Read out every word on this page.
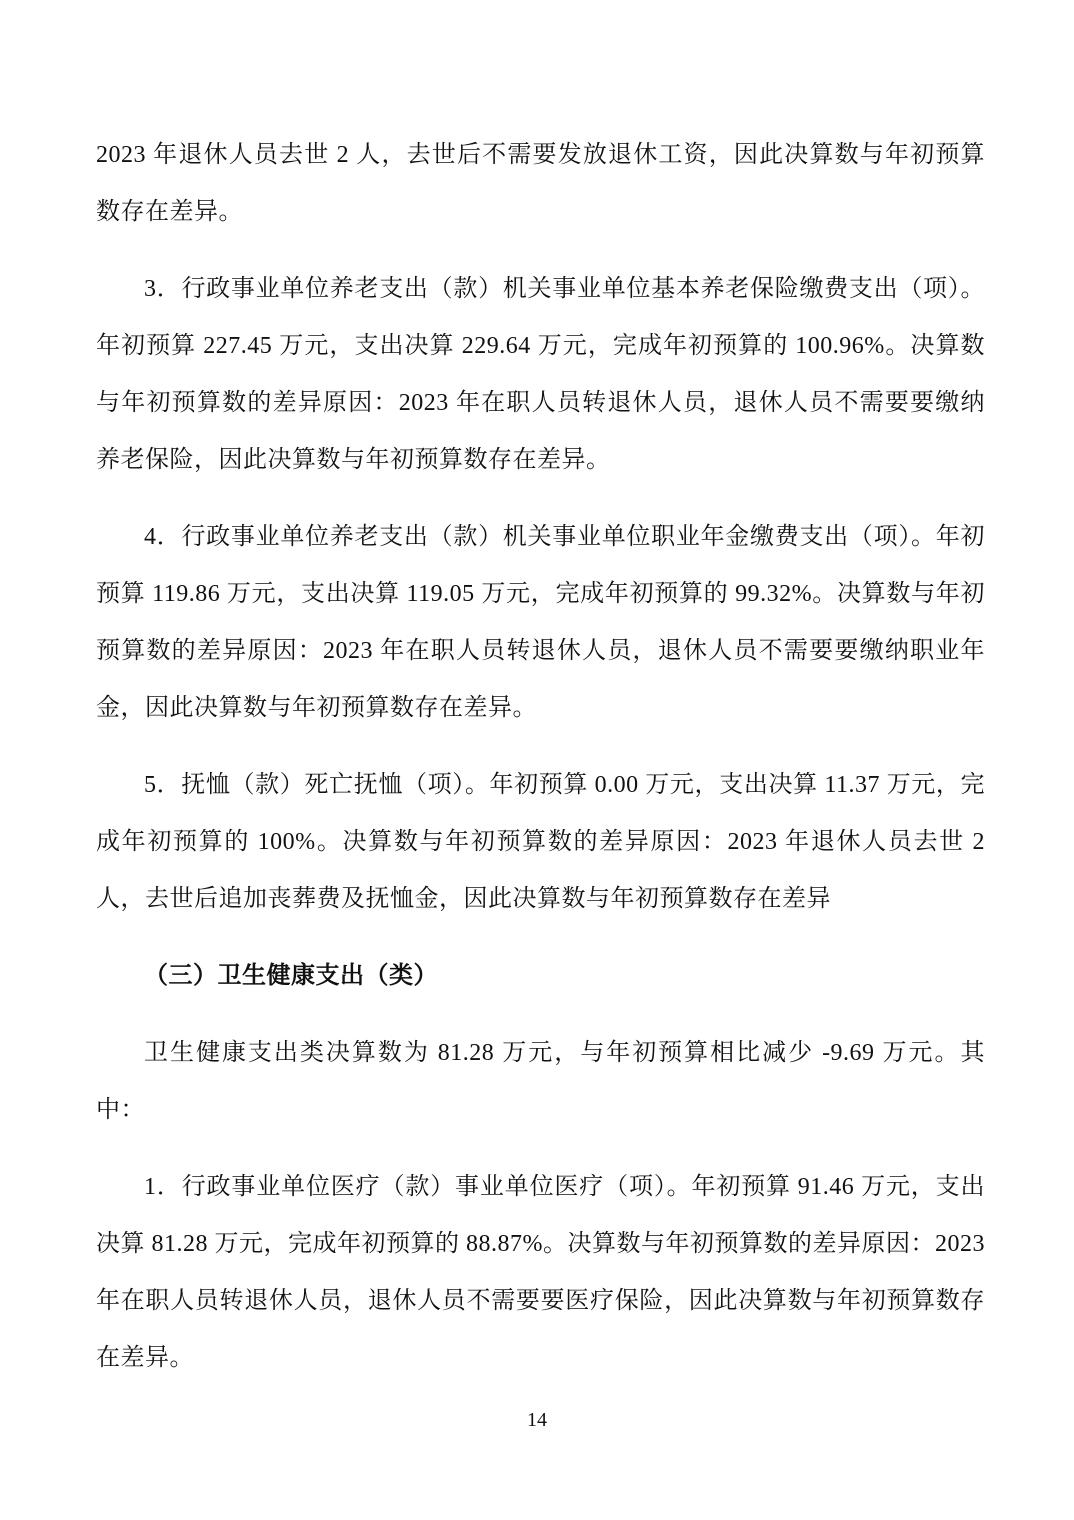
2023 年退休人员去世 2 人，去世后不需要发放退休工资，因此决算数与年初预算数存在差异。

3．行政事业单位养老支出（款）机关事业单位基本养老保险缴费支出（项）。年初预算 227.45 万元，支出决算 229.64 万元，完成年初预算的 100.96%。决算数与年初预算数的差异原因：2023 年在职人员转退休人员，退休人员不需要要缴纳养老保险，因此决算数与年初预算数存在差异。

4．行政事业单位养老支出（款）机关事业单位职业年金缴费支出（项）。年初预算 119.86 万元，支出决算 119.05 万元，完成年初预算的 99.32%。决算数与年初预算数的差异原因：2023 年在职人员转退休人员，退休人员不需要要缴纳职业年金，因此决算数与年初预算数存在差异。

5．抚恤（款）死亡抚恤（项）。年初预算 0.00 万元，支出决算 11.37 万元，完成年初预算的 100%。决算数与年初预算数的差异原因：2023 年退休人员去世 2 人，去世后追加丧葬费及抚恤金，因此决算数与年初预算数存在差异

（三）卫生健康支出（类）

卫生健康支出类决算数为 81.28 万元，与年初预算相比减少 -9.69 万元。其中：

1．行政事业单位医疗（款）事业单位医疗（项）。年初预算 91.46 万元，支出决算 81.28 万元，完成年初预算的 88.87%。决算数与年初预算数的差异原因：2023 年在职人员转退休人员，退休人员不需要要医疗保险，因此决算数与年初预算数存在差异。

14
